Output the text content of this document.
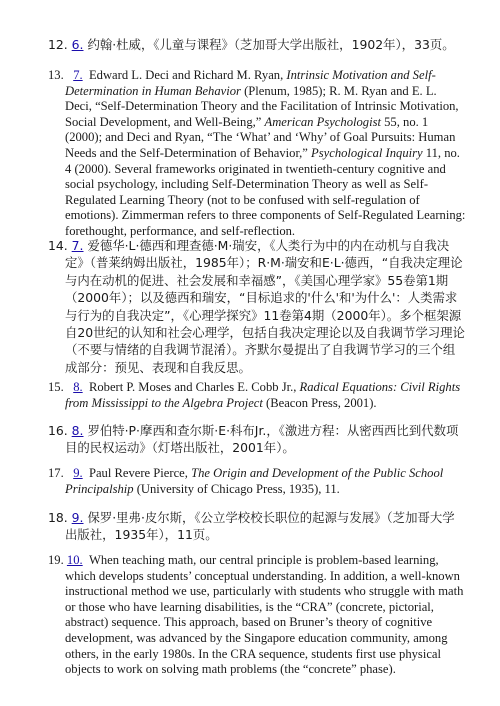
12. 6. 约翰·杜威，《儿童与课程》（芝加哥大学出版社，1902年），33页。
13. 7. Edward L. Deci and Richard M. Ryan, Intrinsic Motivation and Self-Determination in Human Behavior (Plenum, 1985); R. M. Ryan and E. L. Deci, “Self-Determination Theory and the Facilitation of Intrinsic Motivation, Social Development, and Well-Being,” American Psychologist 55, no. 1 (2000); and Deci and Ryan, “The ‘What’ and ‘Why’ of Goal Pursuits: Human Needs and the Self-Determination of Behavior,” Psychological Inquiry 11, no. 4 (2000). Several frameworks originated in twentieth-century cognitive and social psychology, including Self-Determination Theory as well as Self-Regulated Learning Theory (not to be confused with self-regulation of emotions). Zimmerman refers to three components of Self-Regulated Learning: forethought, performance, and self-reflection.
14. 7. 爱德华·L·德西和理查德·M·瑞安，《人类行为中的内在动机与自我决定》（普莱纳姆出版社，1985年）；R·M·瑞安和E·L·德西，“自我决定理论与内在动机的促进、社会发展和幸福感”，《美国心理学家》55卷第1期（2000年）；以及德西和瑞安，“目标追求的'什么'和'为什么'：人类需求与行为的自我决定”，《心理学探究》11卷第4期（2000年）。多个框架源自20世纪的认知和社会心理学，包括自我决定理论以及自我调节学习理论（不要与情绪的自我调节混淆）。齐默尔曼提出了自我调节学习的三个组成部分：预见、表现和自我反思。
15. 8. Robert P. Moses and Charles E. Cobb Jr., Radical Equations: Civil Rights from Mississippi to the Algebra Project (Beacon Press, 2001).
16. 8. 罗伯特·P·摩西和查尔斯·E·科布Jr.，《激进方程：从密西西比到代数项目的民权运动》（灯塔出版社，2001年）。
17. 9. Paul Revere Pierce, The Origin and Development of the Public School Principalship (University of Chicago Press, 1935), 11.
18. 9. 保罗·里弗·皮尔斯，《公立学校校长职位的起源与发展》（芝加哥大学出版社，1935年），11页。
19. 10. When teaching math, our central principle is problem-based learning, which develops students’ conceptual understanding. In addition, a well-known instructional method we use, particularly with students who struggle with math or those who have learning disabilities, is the “CRA” (concrete, pictorial, abstract) sequence. This approach, based on Bruner’s theory of cognitive development, was advanced by the Singapore education community, among others, in the early 1980s. In the CRA sequence, students first use physical objects to work on solving math problems (the “concrete” phase).
